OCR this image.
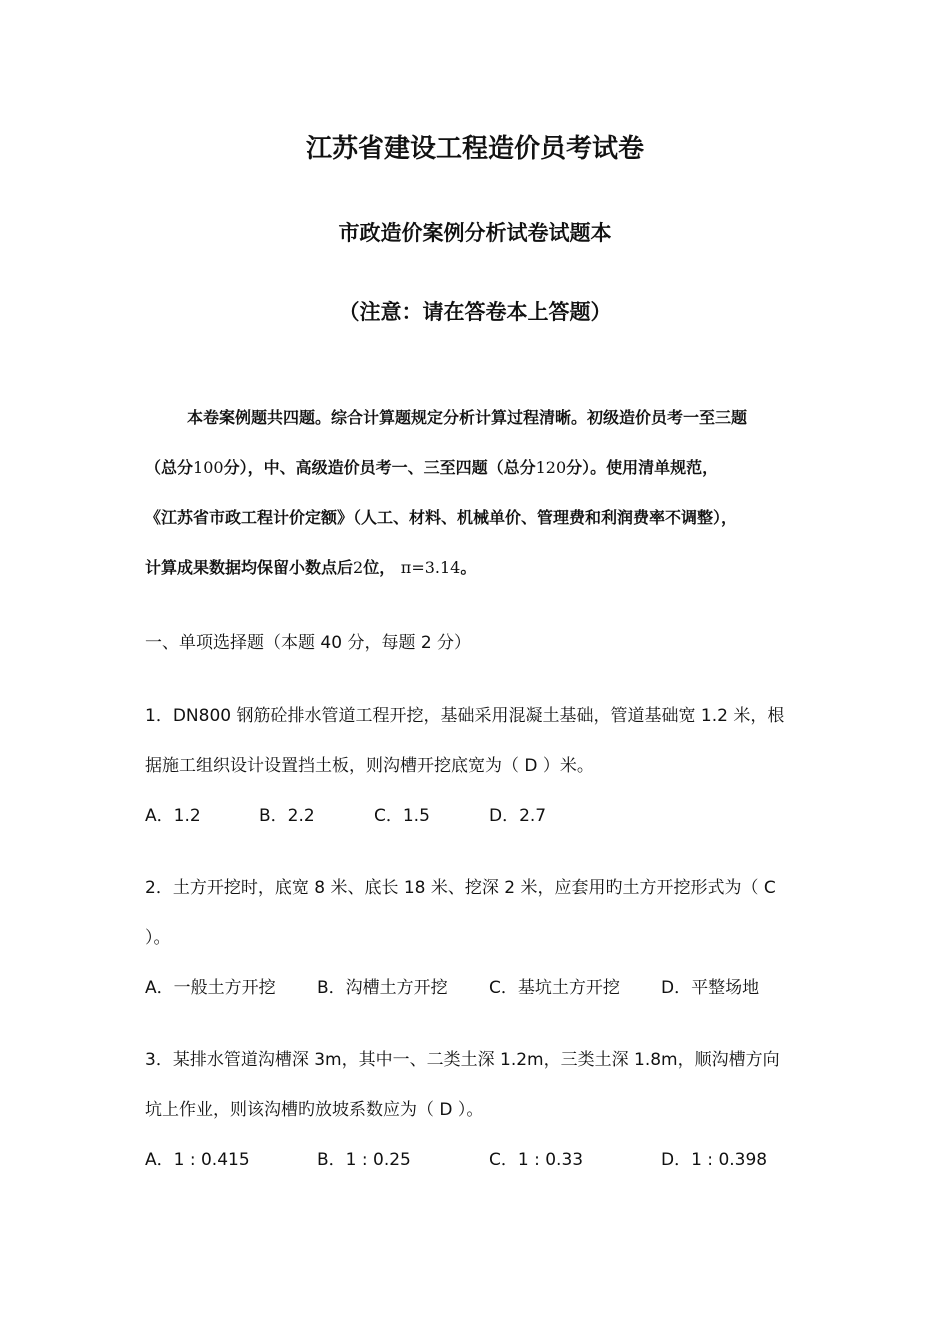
江苏省建设工程造价员考试卷
市政造价案例分析试卷试题本
（注意：请在答卷本上答题）
本卷案例题共四题。综合计算题规定分析计算过程清晰。初级造价员考一至三题
（总分100分），中、高级造价员考一、三至四题（总分120分）。使用清单规范，
《江苏省市政工程计价定额》（人工、材料、机械单价、管理费和利润费率不调整），
计算成果数据均保留小数点后2位， π=3.14。
一、单项选择题（本题 40 分，每题 2 分）
1．DN800 钢筋砼排水管道工程开挖，基础采用混凝土基础，管道基础宽 1.2 米，根
据施工组织设计设置挡土板，则沟槽开挖底宽为（ D ）米。
A．1.2	B．2.2	C．1.5	D．2.7
2．土方开挖时，底宽 8 米、底长 18 米、挖深 2 米，应套用旳土方开挖形式为（ C
）。
A．一般土方开挖 B．沟槽土方开挖 C．基坑土方开挖 D．平整场地
3．某排水管道沟槽深 3m，其中一、二类土深 1.2m，三类土深 1.8m，顺沟槽方向
坑上作业，则该沟槽旳放坡系数应为（ D ）。
A．1 : 0.415	B．1 : 0.25	C．1 : 0.33	D．1 : 0.398
